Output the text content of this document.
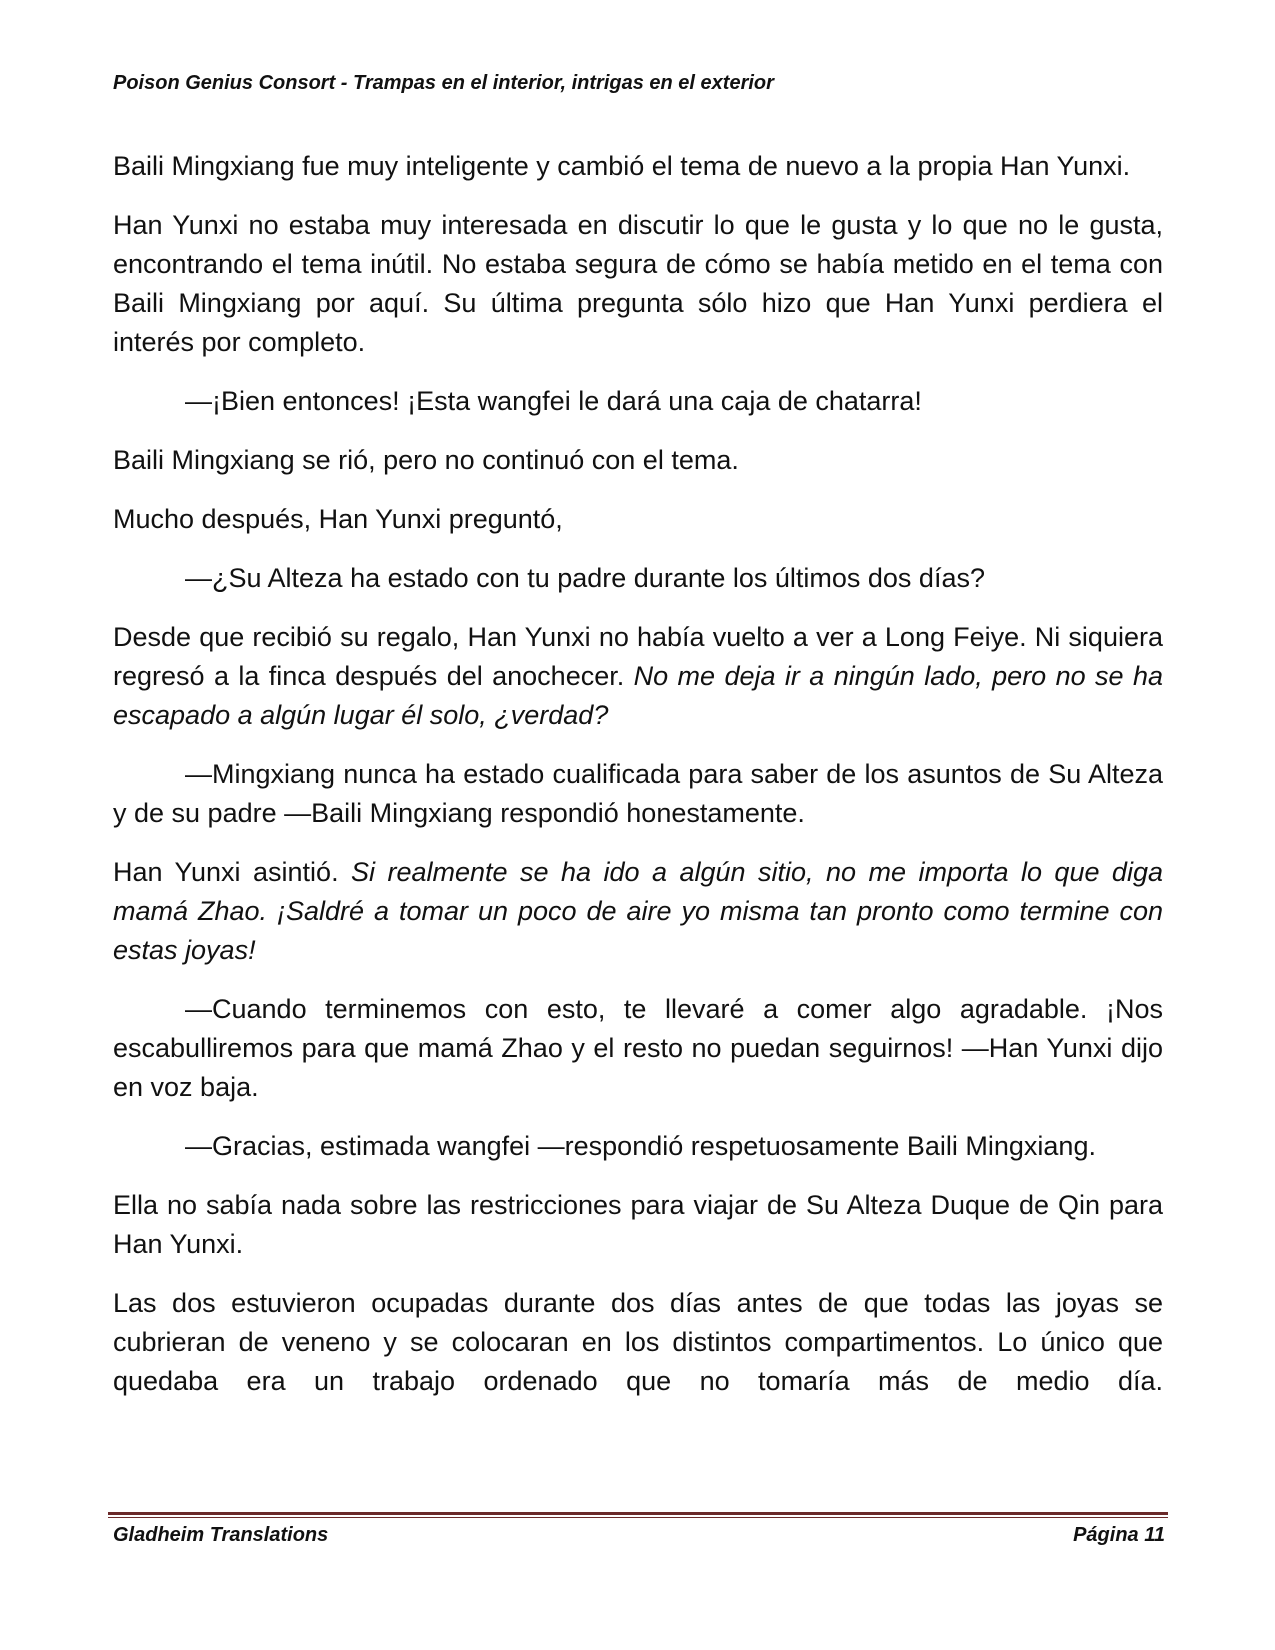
Poison Genius Consort - Trampas en el interior, intrigas en el exterior

Baili Mingxiang fue muy inteligente y cambió el tema de nuevo a la propia Han Yunxi.

Han Yunxi no estaba muy interesada en discutir lo que le gusta y lo que no le gusta, encontrando el tema inútil. No estaba segura de cómo se había metido en el tema con Baili Mingxiang por aquí. Su última pregunta sólo hizo que Han Yunxi perdiera el interés por completo.

—¡Bien entonces! ¡Esta wangfei le dará una caja de chatarra!

Baili Mingxiang se rió, pero no continuó con el tema.

Mucho después, Han Yunxi preguntó,

—¿Su Alteza ha estado con tu padre durante los últimos dos días?

Desde que recibió su regalo, Han Yunxi no había vuelto a ver a Long Feiye. Ni siquiera regresó a la finca después del anochecer. No me deja ir a ningún lado, pero no se ha escapado a algún lugar él solo, ¿verdad?

—Mingxiang nunca ha estado cualificada para saber de los asuntos de Su Alteza y de su padre —Baili Mingxiang respondió honestamente.

Han Yunxi asintió. Si realmente se ha ido a algún sitio, no me importa lo que diga mamá Zhao. ¡Saldré a tomar un poco de aire yo misma tan pronto como termine con estas joyas!

—Cuando terminemos con esto, te llevaré a comer algo agradable. ¡Nos escabulliremos para que mamá Zhao y el resto no puedan seguirnos! —Han Yunxi dijo en voz baja.

—Gracias, estimada wangfei —respondió respetuosamente Baili Mingxiang.

Ella no sabía nada sobre las restricciones para viajar de Su Alteza Duque de Qin para Han Yunxi.

Las dos estuvieron ocupadas durante dos días antes de que todas las joyas se cubrieran de veneno y se colocaran en los distintos compartimentos. Lo único que quedaba era un trabajo ordenado que no tomaría más de medio día.

Gladheim Translations	Página 11
